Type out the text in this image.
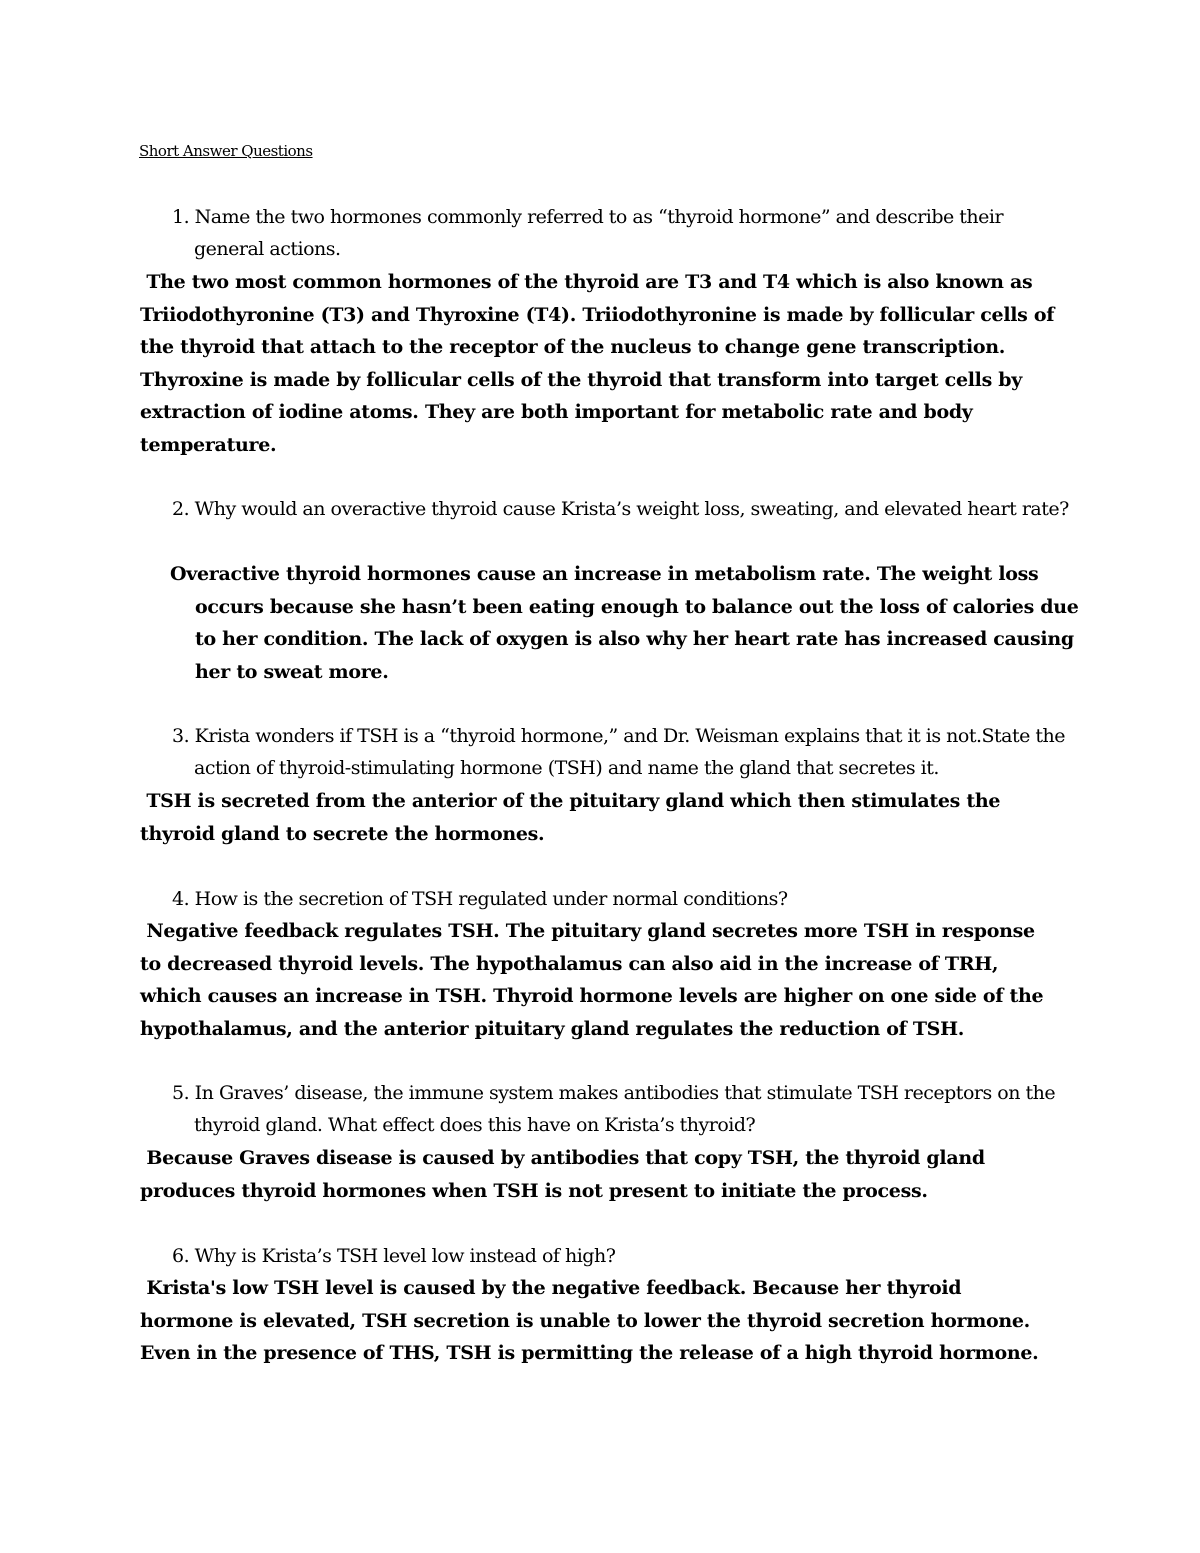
Short Answer Questions
1. Name the two hormones commonly referred to as “thyroid hormone” and describe their general actions.
The two most common hormones of the thyroid are T3 and T4 which is also known as Triiodothyronine (T3) and Thyroxine (T4). Triiodothyronine is made by follicular cells of the thyroid that attach to the receptor of the nucleus to change gene transcription. Thyroxine is made by follicular cells of the thyroid that transform into target cells by extraction of iodine atoms. They are both important for metabolic rate and body temperature.
2. Why would an overactive thyroid cause Krista’s weight loss, sweating, and elevated heart rate?
Overactive thyroid hormones cause an increase in metabolism rate. The weight loss occurs because she hasn’t been eating enough to balance out the loss of calories due to her condition. The lack of oxygen is also why her heart rate has increased causing her to sweat more.
3. Krista wonders if TSH is a “thyroid hormone,” and Dr. Weisman explains that it is not.State the action of thyroid-stimulating hormone (TSH) and name the gland that secretes it.
TSH is secreted from the anterior of the pituitary gland which then stimulates the thyroid gland to secrete the hormones.
4. How is the secretion of TSH regulated under normal conditions?
Negative feedback regulates TSH. The pituitary gland secretes more TSH in response to decreased thyroid levels. The hypothalamus can also aid in the increase of TRH, which causes an increase in TSH. Thyroid hormone levels are higher on one side of the hypothalamus, and the anterior pituitary gland regulates the reduction of TSH.
5. In Graves’ disease, the immune system makes antibodies that stimulate TSH receptors on the thyroid gland. What effect does this have on Krista’s thyroid?
Because Graves disease is caused by antibodies that copy TSH, the thyroid gland produces thyroid hormones when TSH is not present to initiate the process.
6. Why is Krista’s TSH level low instead of high?
Krista's low TSH level is caused by the negative feedback. Because her thyroid hormone is elevated, TSH secretion is unable to lower the thyroid secretion hormone. Even in the presence of THS, TSH is permitting the release of a high thyroid hormone.
